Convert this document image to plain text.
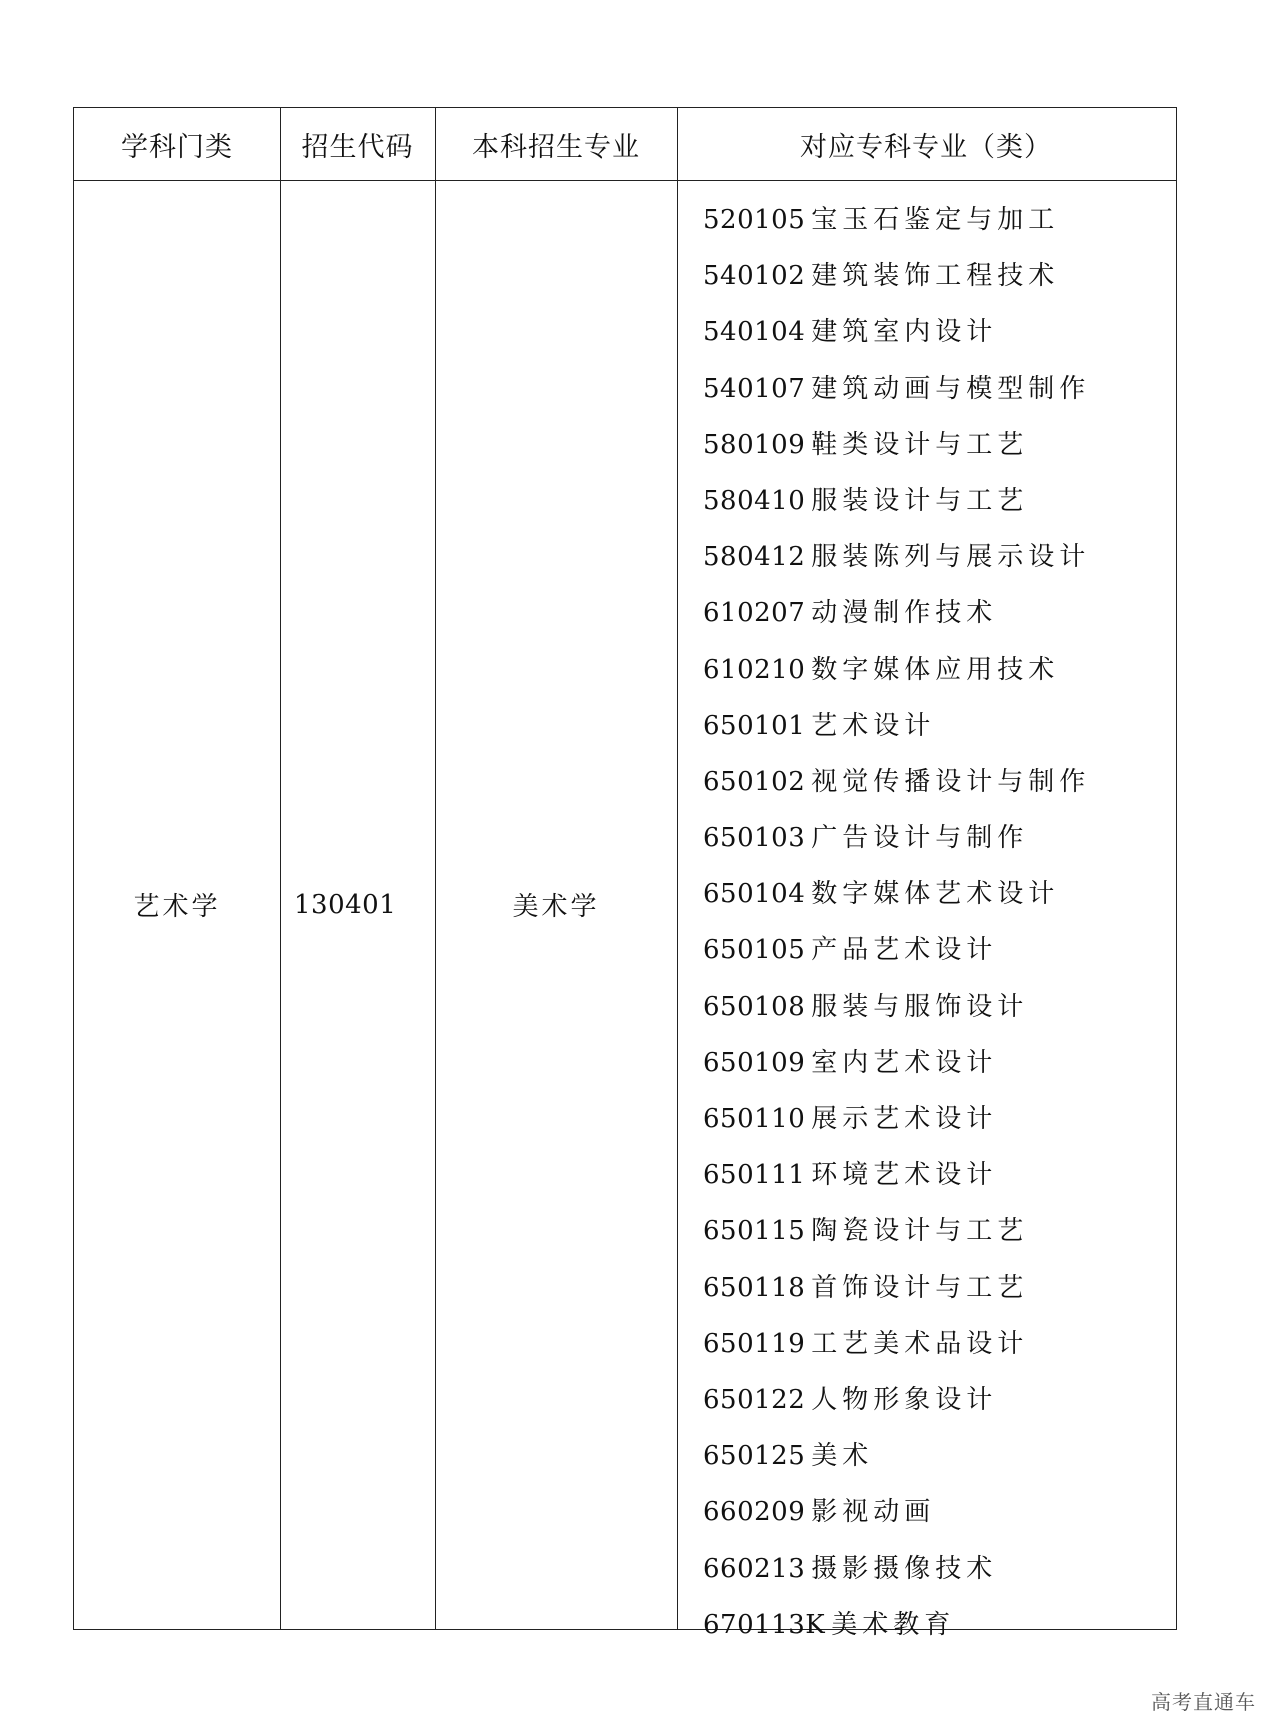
学科门类	招生代码	本科招生专业	对应专科专业（类）
艺术学	130401	美术学
520105 宝玉石鉴定与加工
540102 建筑装饰工程技术
540104 建筑室内设计
540107 建筑动画与模型制作
580109 鞋类设计与工艺
580410 服装设计与工艺
580412 服装陈列与展示设计
610207 动漫制作技术
610210 数字媒体应用技术
650101 艺术设计
650102 视觉传播设计与制作
650103 广告设计与制作
650104 数字媒体艺术设计
650105 产品艺术设计
650108 服装与服饰设计
650109 室内艺术设计
650110 展示艺术设计
650111 环境艺术设计
650115 陶瓷设计与工艺
650118 首饰设计与工艺
650119 工艺美术品设计
650122 人物形象设计
650125 美术
660209 影视动画
660213 摄影摄像技术
670113K 美术教育
高考直通车
